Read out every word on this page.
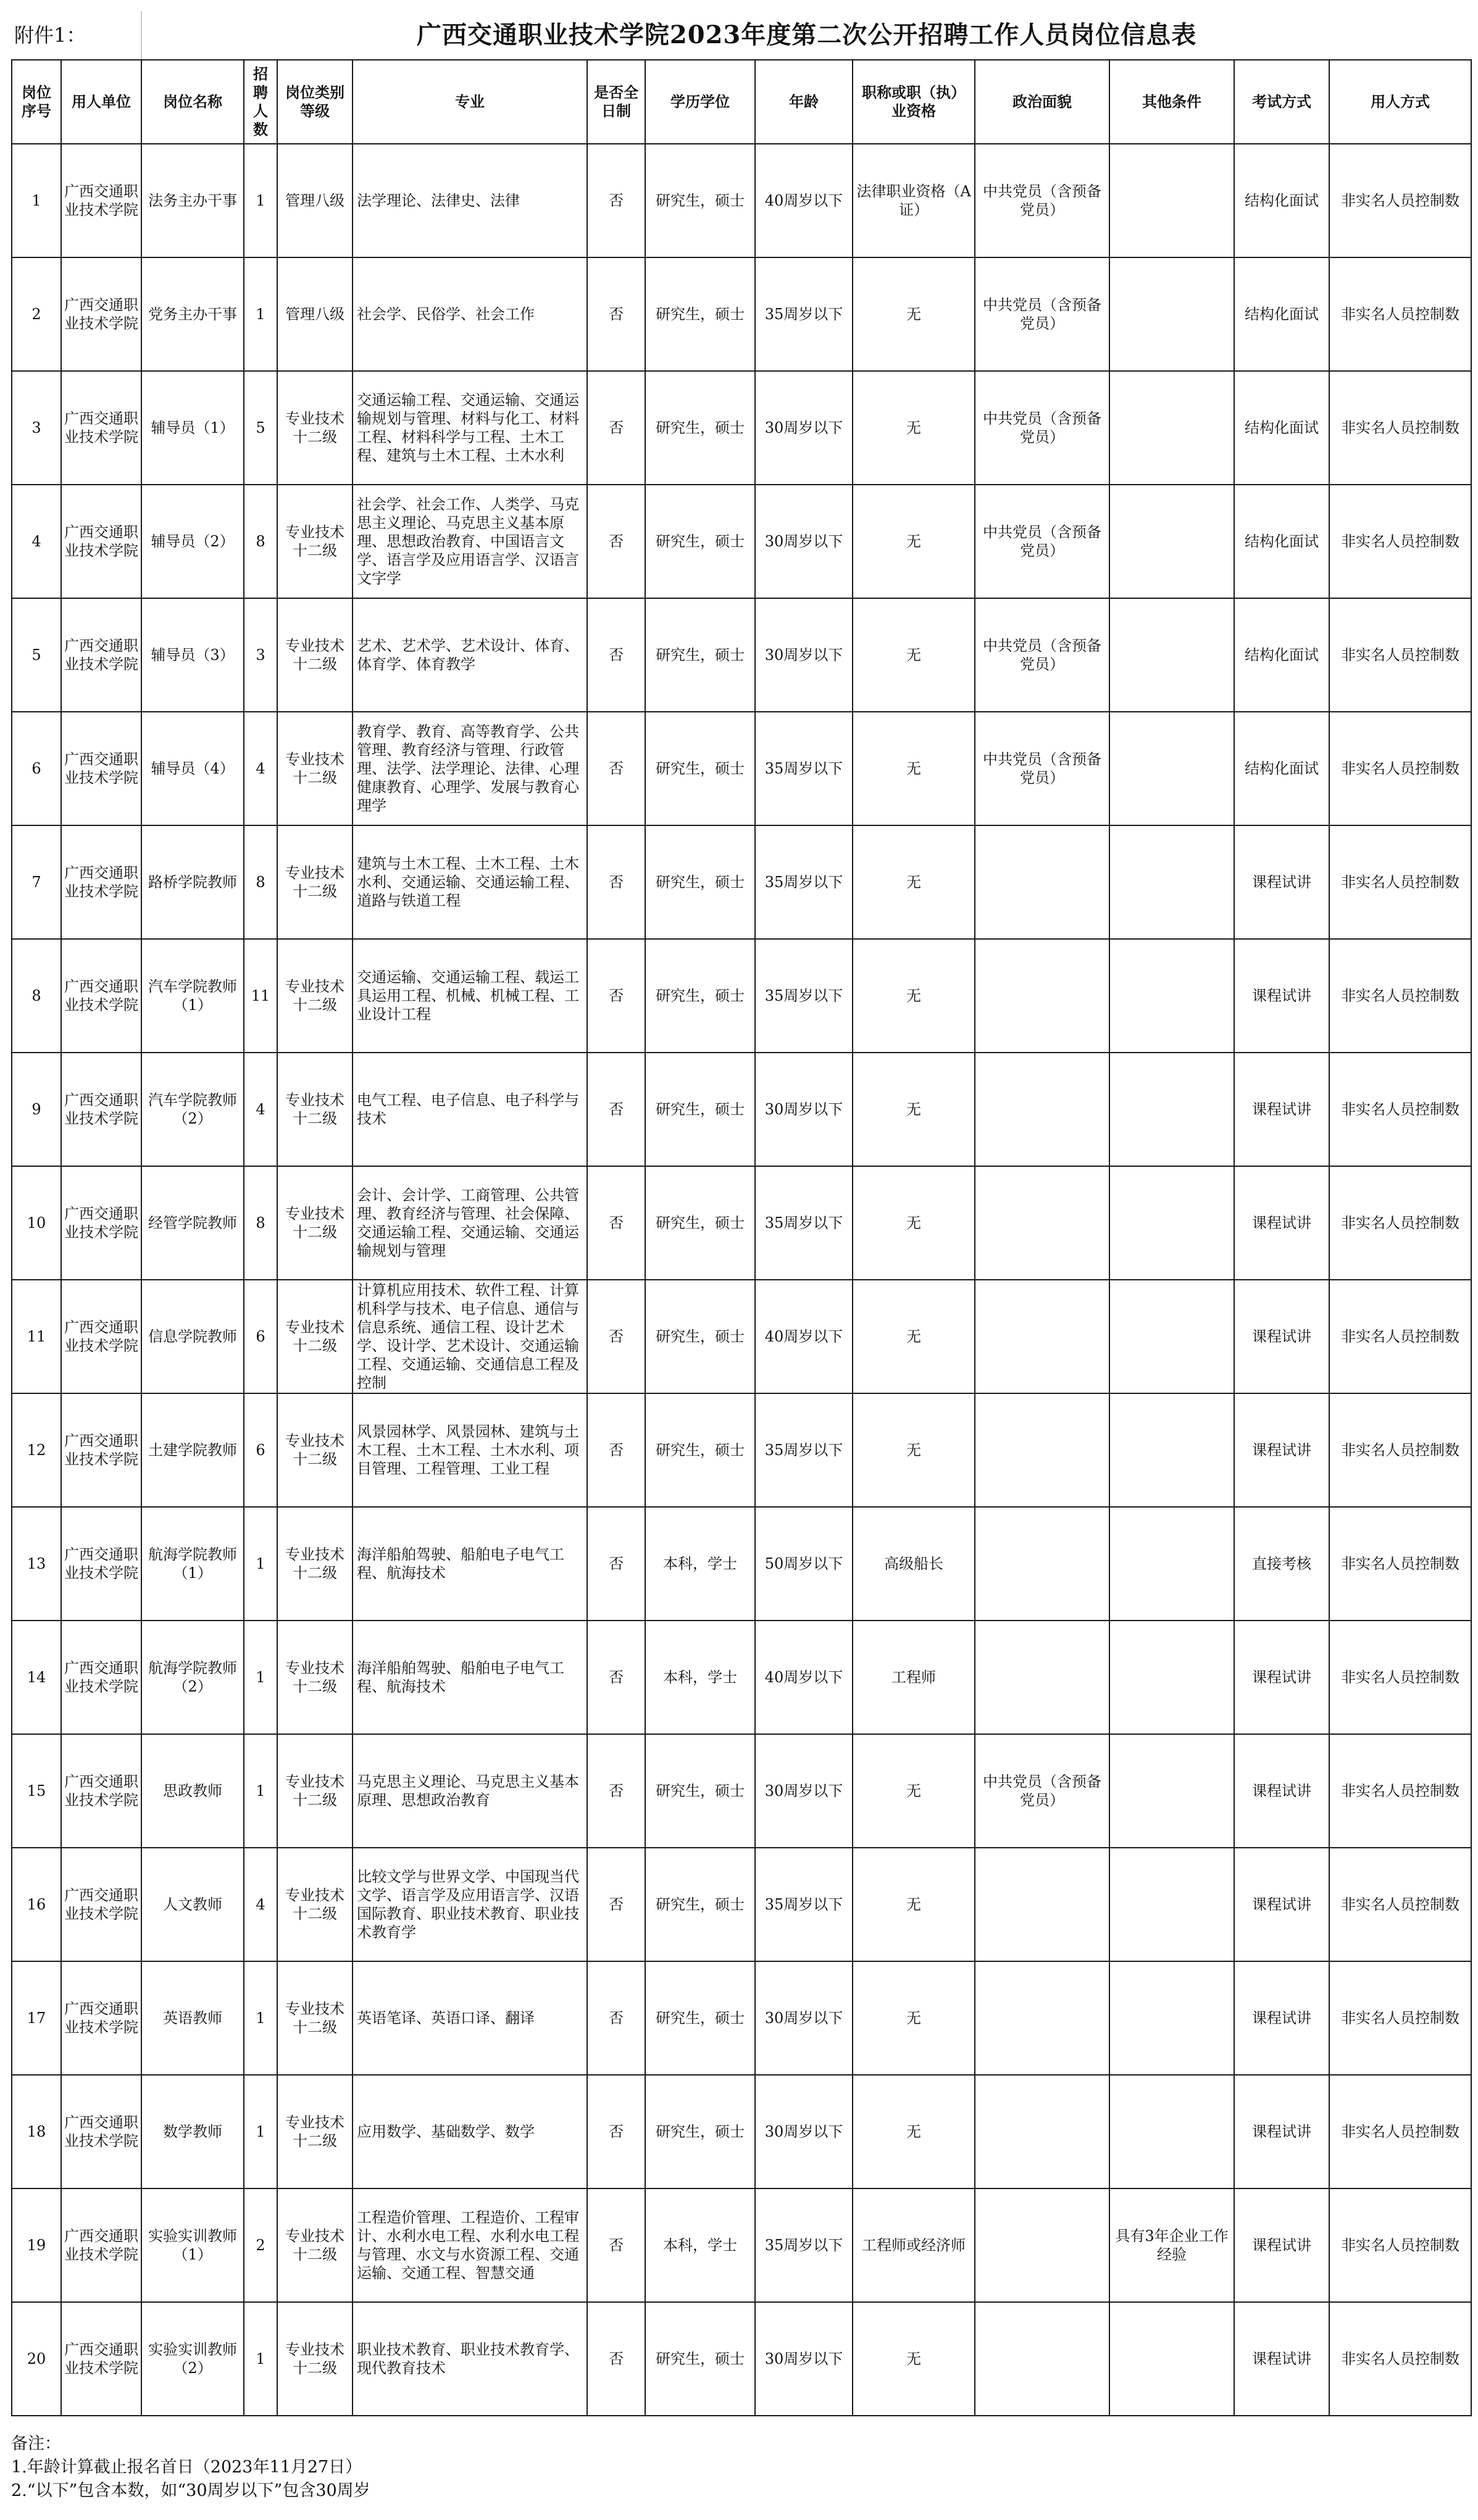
附件1：		广西交通职业技术学院2023年度第二次公开招聘工作人员岗位信息表											
岗位序号	用人单位	岗位名称	招聘人数	岗位类别等级	专业	是否全日制	学历学位	年龄	职称或职（执）业资格	政治面貌	其他条件	考试方式	用人方式
1	广西交通职业技术学院	法务主办干事	1	管理八级	法学理论、法律史、法律	否	研究生，硕士	40周岁以下	法律职业资格（A证）	中共党员（含预备党员）		结构化面试	非实名人员控制数
2	广西交通职业技术学院	党务主办干事	1	管理八级	社会学、民俗学、社会工作	否	研究生，硕士	35周岁以下	无	中共党员（含预备党员）		结构化面试	非实名人员控制数
3	广西交通职业技术学院	辅导员（1）	5	专业技术十二级	交通运输工程、交通运输、交通运输规划与管理、材料与化工、材料工程、材料科学与工程、土木工程、建筑与土木工程、土木水利	否	研究生，硕士	30周岁以下	无	中共党员（含预备党员）		结构化面试	非实名人员控制数
4	广西交通职业技术学院	辅导员（2）	8	专业技术十二级	社会学、社会工作、人类学、马克思主义理论、马克思主义基本原理、思想政治教育、中国语言文学、语言学及应用语言学、汉语言文字学	否	研究生，硕士	30周岁以下	无	中共党员（含预备党员）		结构化面试	非实名人员控制数
5	广西交通职业技术学院	辅导员（3）	3	专业技术十二级	艺术、艺术学、艺术设计、体育、体育学、体育教学	否	研究生，硕士	30周岁以下	无	中共党员（含预备党员）		结构化面试	非实名人员控制数
6	广西交通职业技术学院	辅导员（4）	4	专业技术十二级	教育学、教育、高等教育学、公共管理、教育经济与管理、行政管理、法学、法学理论、法律、心理健康教育、心理学、发展与教育心理学	否	研究生，硕士	35周岁以下	无	中共党员（含预备党员）		结构化面试	非实名人员控制数
7	广西交通职业技术学院	路桥学院教师	8	专业技术十二级	建筑与土木工程、土木工程、土木水利、交通运输、交通运输工程、道路与铁道工程	否	研究生，硕士	35周岁以下	无			课程试讲	非实名人员控制数
8	广西交通职业技术学院	汽车学院教师（1）	11	专业技术十二级	交通运输、交通运输工程、载运工具运用工程、机械、机械工程、工业设计工程	否	研究生，硕士	35周岁以下	无			课程试讲	非实名人员控制数
9	广西交通职业技术学院	汽车学院教师（2）	4	专业技术十二级	电气工程、电子信息、电子科学与技术	否	研究生，硕士	30周岁以下	无			课程试讲	非实名人员控制数
10	广西交通职业技术学院	经管学院教师	8	专业技术十二级	会计、会计学、工商管理、公共管理、教育经济与管理、社会保障、交通运输工程、交通运输、交通运输规划与管理	否	研究生，硕士	35周岁以下	无			课程试讲	非实名人员控制数
11	广西交通职业技术学院	信息学院教师	6	专业技术十二级	计算机应用技术、软件工程、计算机科学与技术、电子信息、通信与信息系统、通信工程、设计艺术学、设计学、艺术设计、交通运输工程、交通运输、交通信息工程及控制	否	研究生，硕士	40周岁以下	无			课程试讲	非实名人员控制数
12	广西交通职业技术学院	土建学院教师	6	专业技术十二级	风景园林学、风景园林、建筑与土木工程、土木工程、土木水利、项目管理、工程管理、工业工程	否	研究生，硕士	35周岁以下	无			课程试讲	非实名人员控制数
13	广西交通职业技术学院	航海学院教师（1）	1	专业技术十二级	海洋船舶驾驶、船舶电子电气工程、航海技术	否	本科，学士	50周岁以下	高级船长			直接考核	非实名人员控制数
14	广西交通职业技术学院	航海学院教师（2）	1	专业技术十二级	海洋船舶驾驶、船舶电子电气工程、航海技术	否	本科，学士	40周岁以下	工程师			课程试讲	非实名人员控制数
15	广西交通职业技术学院	思政教师	1	专业技术十二级	马克思主义理论、马克思主义基本原理、思想政治教育	否	研究生，硕士	30周岁以下	无	中共党员（含预备党员）		课程试讲	非实名人员控制数
16	广西交通职业技术学院	人文教师	4	专业技术十二级	比较文学与世界文学、中国现当代文学、语言学及应用语言学、汉语国际教育、职业技术教育、职业技术教育学	否	研究生，硕士	35周岁以下	无			课程试讲	非实名人员控制数
17	广西交通职业技术学院	英语教师	1	专业技术十二级	英语笔译、英语口译、翻译	否	研究生，硕士	30周岁以下	无			课程试讲	非实名人员控制数
18	广西交通职业技术学院	数学教师	1	专业技术十二级	应用数学、基础数学、数学	否	研究生，硕士	30周岁以下	无			课程试讲	非实名人员控制数
19	广西交通职业技术学院	实验实训教师（1）	2	专业技术十二级	工程造价管理、工程造价、工程审计、水利水电工程、水利水电工程与管理、水文与水资源工程、交通运输、交通工程、智慧交通	否	本科，学士	35周岁以下	工程师或经济师		具有3年企业工作经验	课程试讲	非实名人员控制数
20	广西交通职业技术学院	实验实训教师（2）	1	专业技术十二级	职业技术教育、职业技术教育学、现代教育技术	否	研究生，硕士	30周岁以下	无			课程试讲	非实名人员控制数
备注：
1.年龄计算截止报名首日（2023年11月27日）
2.“以下”包含本数，如“30周岁以下”包含30周岁
